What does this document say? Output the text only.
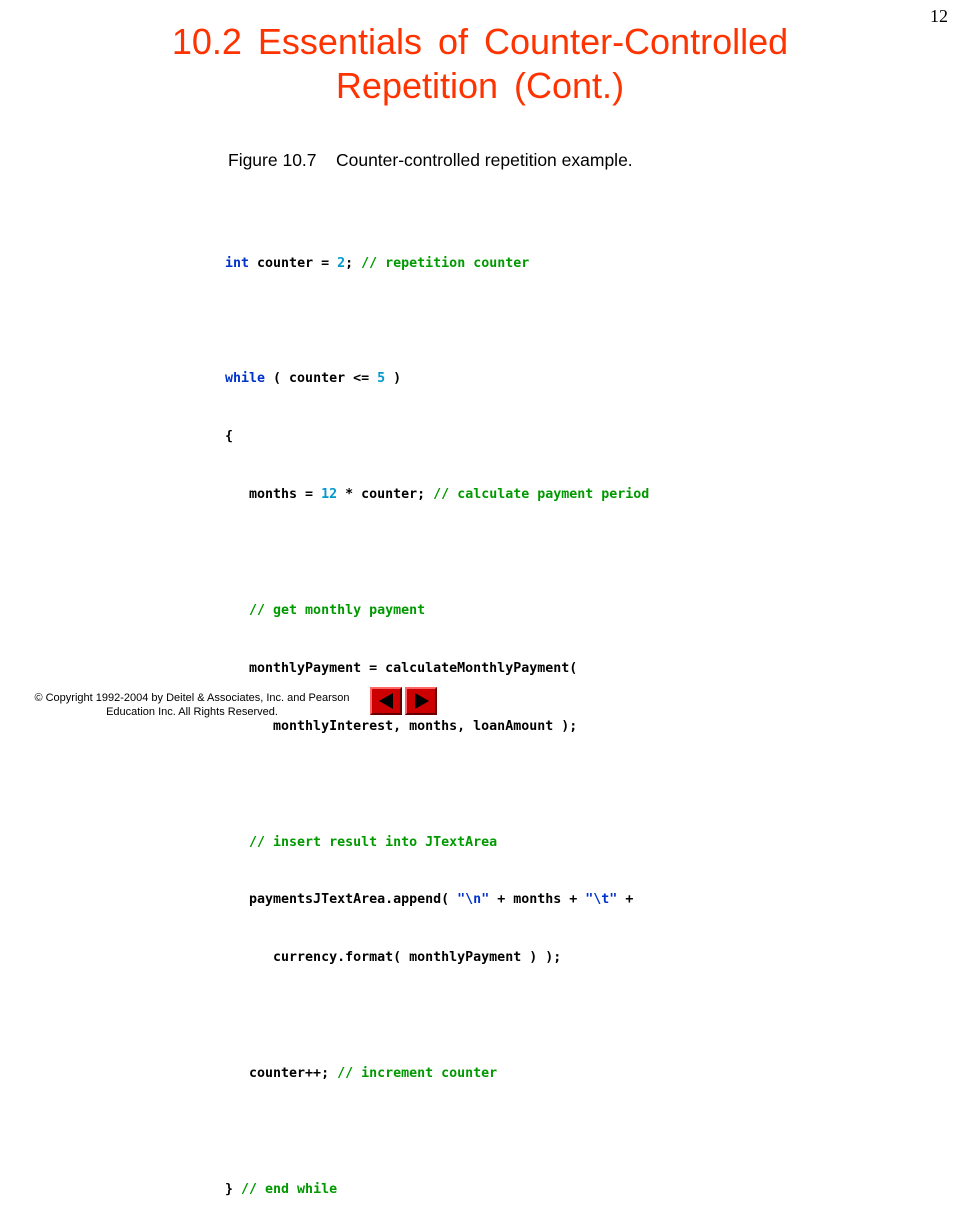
12
10.2 Essentials of Counter-Controlled
Repetition (Cont.)
Figure 10.7    Counter-controlled repetition example.

int counter = 2; // repetition counter

while ( counter <= 5 )

{

months = 12 * counter; // calculate payment period

// get monthly payment

monthlyPayment = calculateMonthlyPayment(

monthlyInterest, months, loanAmount );

// insert result into JTextArea

paymentsJTextArea.append( "\n" + months + "\t" +

currency.format( monthlyPayment ) );

counter++; // increment counter

} // end while

© Copyright 1992-2004 by Deitel & Associates, Inc. and Pearson
Education Inc. All Rights Reserved.
